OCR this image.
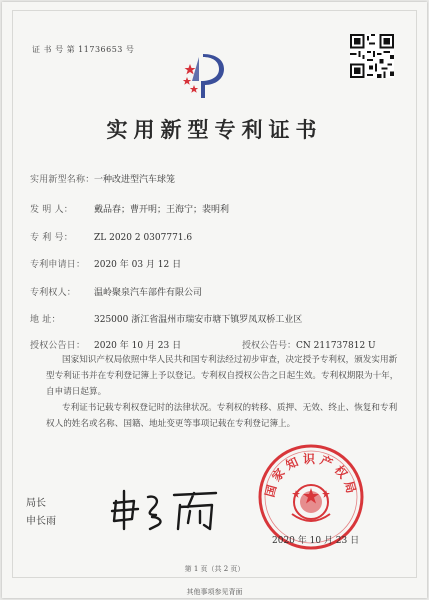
证 书 号 第 11736653 号
实用新型专利证书
实用新型名称：一种改进型汽车球笼
发 明 人： 戴品春；曹开明；王海宁；裴明利
专 利 号： ZL 2020 2 0307771.6
专利申请日： 2020 年 03 月 12 日
专利权人： 温岭聚泉汽车部件有限公司
地 址：	325000 浙江省温州市瑞安市塘下镇罗凤双桥工业区
授权公告日： 2020 年 10 月 23 日	授权公告号：CN 211737812 U
国家知识产权局依照中华人民共和国专利法经过初步审查，决定授予专利权，颁发实用新型专利证书并在专利登记簿上予以登记。专利权自授权公告之日起生效。专利权期限为十年，自申请日起算。
专利证书记载专利权登记时的法律状况。专利权的转移、质押、无效、终止、恢复和专利权人的姓名或名称、国籍、地址变更等事项记载在专利登记簿上。
局长
申长雨
国家知识产权局
2020 年 10 月 23 日
第 1 页（共 2 页）
其他事项参见背面
